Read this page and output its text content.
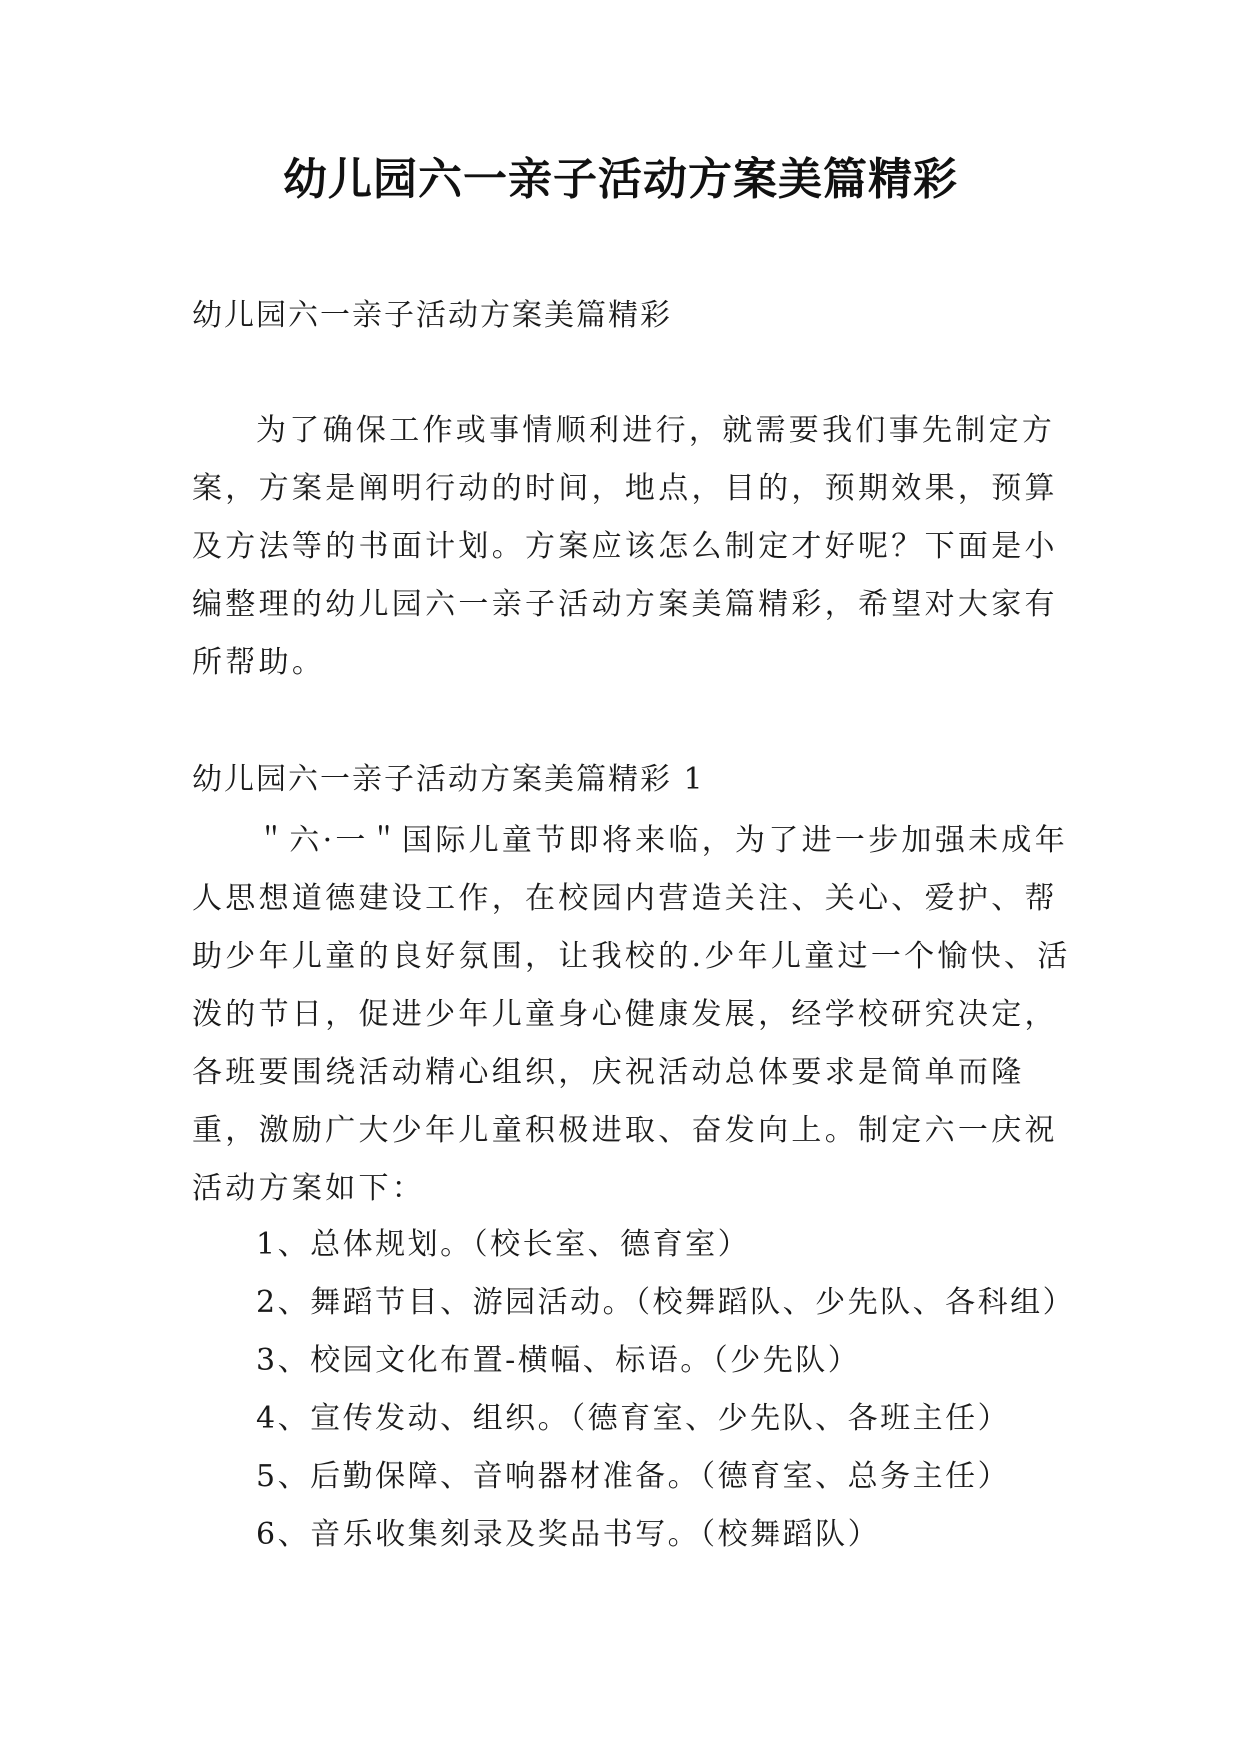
幼儿园六一亲子活动方案美篇精彩

幼儿园六一亲子活动方案美篇精彩

为了确保工作或事情顺利进行，就需要我们事先制定方案，方案是阐明行动的时间，地点，目的，预期效果，预算及方法等的书面计划。方案应该怎么制定才好呢？下面是小编整理的幼儿园六一亲子活动方案美篇精彩，希望对大家有所帮助。

幼儿园六一亲子活动方案美篇精彩 1

＂六·一＂国际儿童节即将来临，为了进一步加强未成年人思想道德建设工作，在校园内营造关注、关心、爱护、帮助少年儿童的良好氛围，让我校的.少年儿童过一个愉快、活泼的节日，促进少年儿童身心健康发展，经学校研究决定，各班要围绕活动精心组织，庆祝活动总体要求是简单而隆重，激励广大少年儿童积极进取、奋发向上。制定六一庆祝活动方案如下：

1、总体规划。（校长室、德育室）
2、舞蹈节目、游园活动。（校舞蹈队、少先队、各科组）
3、校园文化布置-横幅、标语。（少先队）
4、宣传发动、组织。（德育室、少先队、各班主任）
5、后勤保障、音响器材准备。（德育室、总务主任）
6、音乐收集刻录及奖品书写。（校舞蹈队）
